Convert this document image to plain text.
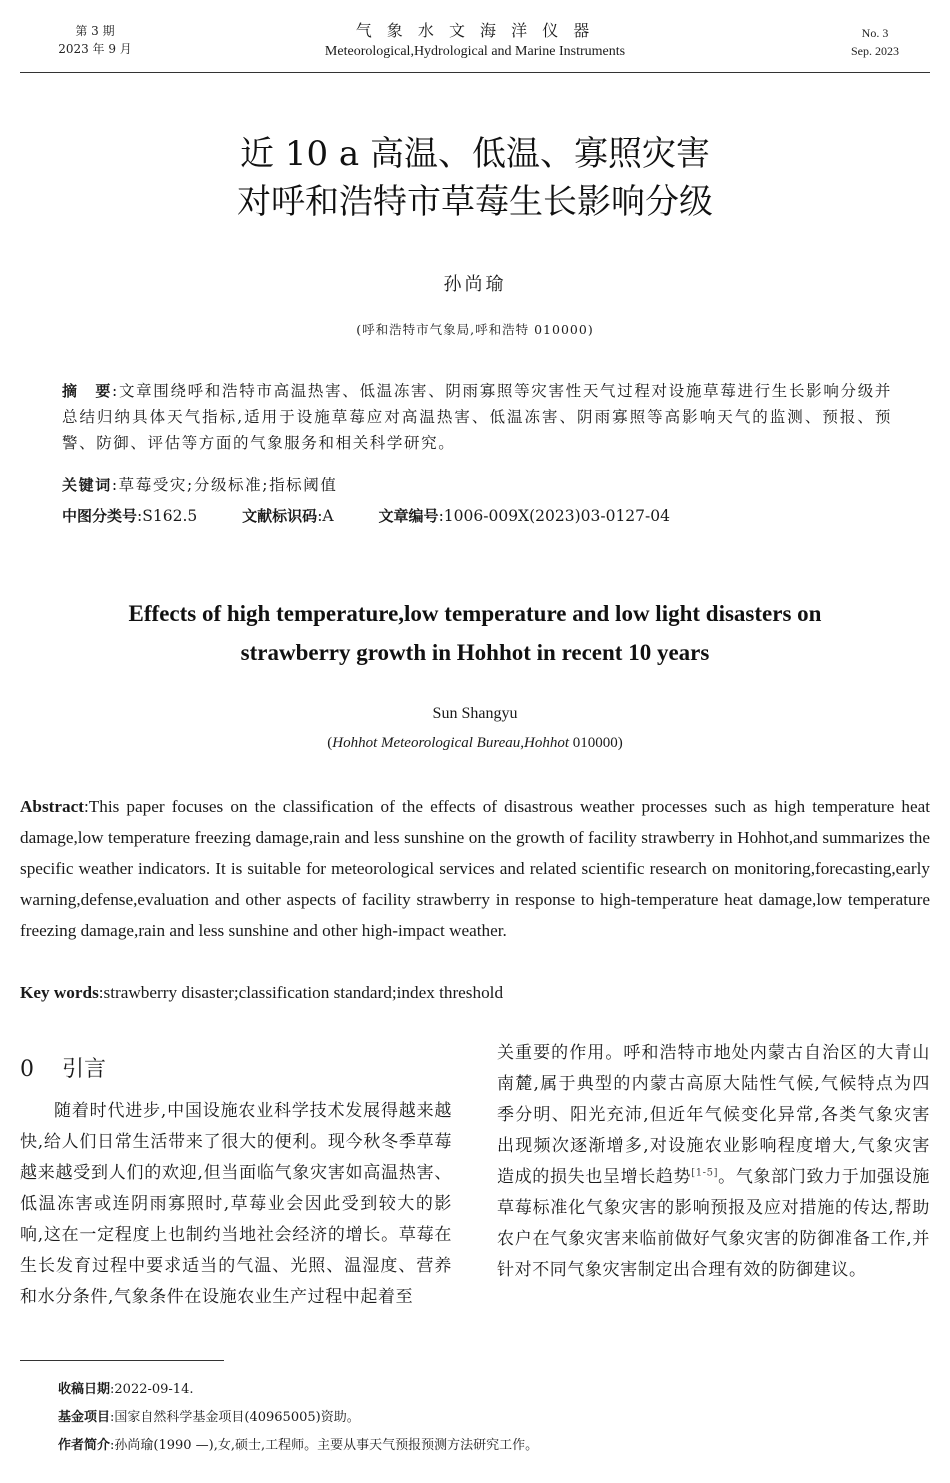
第 3 期
2023 年 9 月
气 象 水 文 海 洋 仪 器
Meteorological,Hydrological and Marine Instruments
No. 3
Sep. 2023
近 10 a 高温、低温、寡照灾害
对呼和浩特市草莓生长影响分级
孙尚瑜
(呼和浩特市气象局,呼和浩特 010000)
摘　要:文章围绕呼和浩特市高温热害、低温冻害、阴雨寡照等灾害性天气过程对设施草莓进行生长影响分级并总结归纳具体天气指标,适用于设施草莓应对高温热害、低温冻害、阴雨寡照等高影响天气的监测、预报、预警、防御、评估等方面的气象服务和相关科学研究。
关键词:草莓受灾;分级标准;指标阈值
中图分类号:S162.5	文献标识码:A	文章编号:1006-009X(2023)03-0127-04
Effects of high temperature,low temperature and low light disasters on
strawberry growth in Hohhot in recent 10 years
Sun Shangyu
(Hohhot Meteorological Bureau,Hohhot 010000)
Abstract:This paper focuses on the classification of the effects of disastrous weather processes such as high temperature heat damage,low temperature freezing damage,rain and less sunshine on the growth of facility strawberry in Hohhot,and summarizes the specific weather indicators. It is suitable for meteorological services and related scientific research on monitoring,forecasting,early warning,defense,evaluation and other aspects of facility strawberry in response to high-temperature heat damage,low temperature freezing damage,rain and less sunshine and other high-impact weather.
Key words:strawberry disaster;classification standard;index threshold
0 引言
随着时代进步,中国设施农业科学技术发展得越来越快,给人们日常生活带来了很大的便利。现今秋冬季草莓越来越受到人们的欢迎,但当面临气象灾害如高温热害、低温冻害或连阴雨寡照时,草莓业会因此受到较大的影响,这在一定程度上也制约当地社会经济的增长。草莓在生长发育过程中要求适当的气温、光照、温湿度、营养和水分条件,气象条件在设施农业生产过程中起着至
关重要的作用。呼和浩特市地处内蒙古自治区的大青山南麓,属于典型的内蒙古高原大陆性气候,气候特点为四季分明、阳光充沛,但近年气候变化异常,各类气象灾害出现频次逐渐增多,对设施农业影响程度增大,气象灾害造成的损失也呈增长趋势[1-5]。气象部门致力于加强设施草莓标准化气象灾害的影响预报及应对措施的传达,帮助农户在气象灾害来临前做好气象灾害的防御准备工作,并针对不同气象灾害制定出合理有效的防御建议。
收稿日期:2022-09-14.
基金项目:国家自然科学基金项目(40965005)资助。
作者简介:孙尚瑜(1990 —),女,硕士,工程师。主要从事天气预报预测方法研究工作。
